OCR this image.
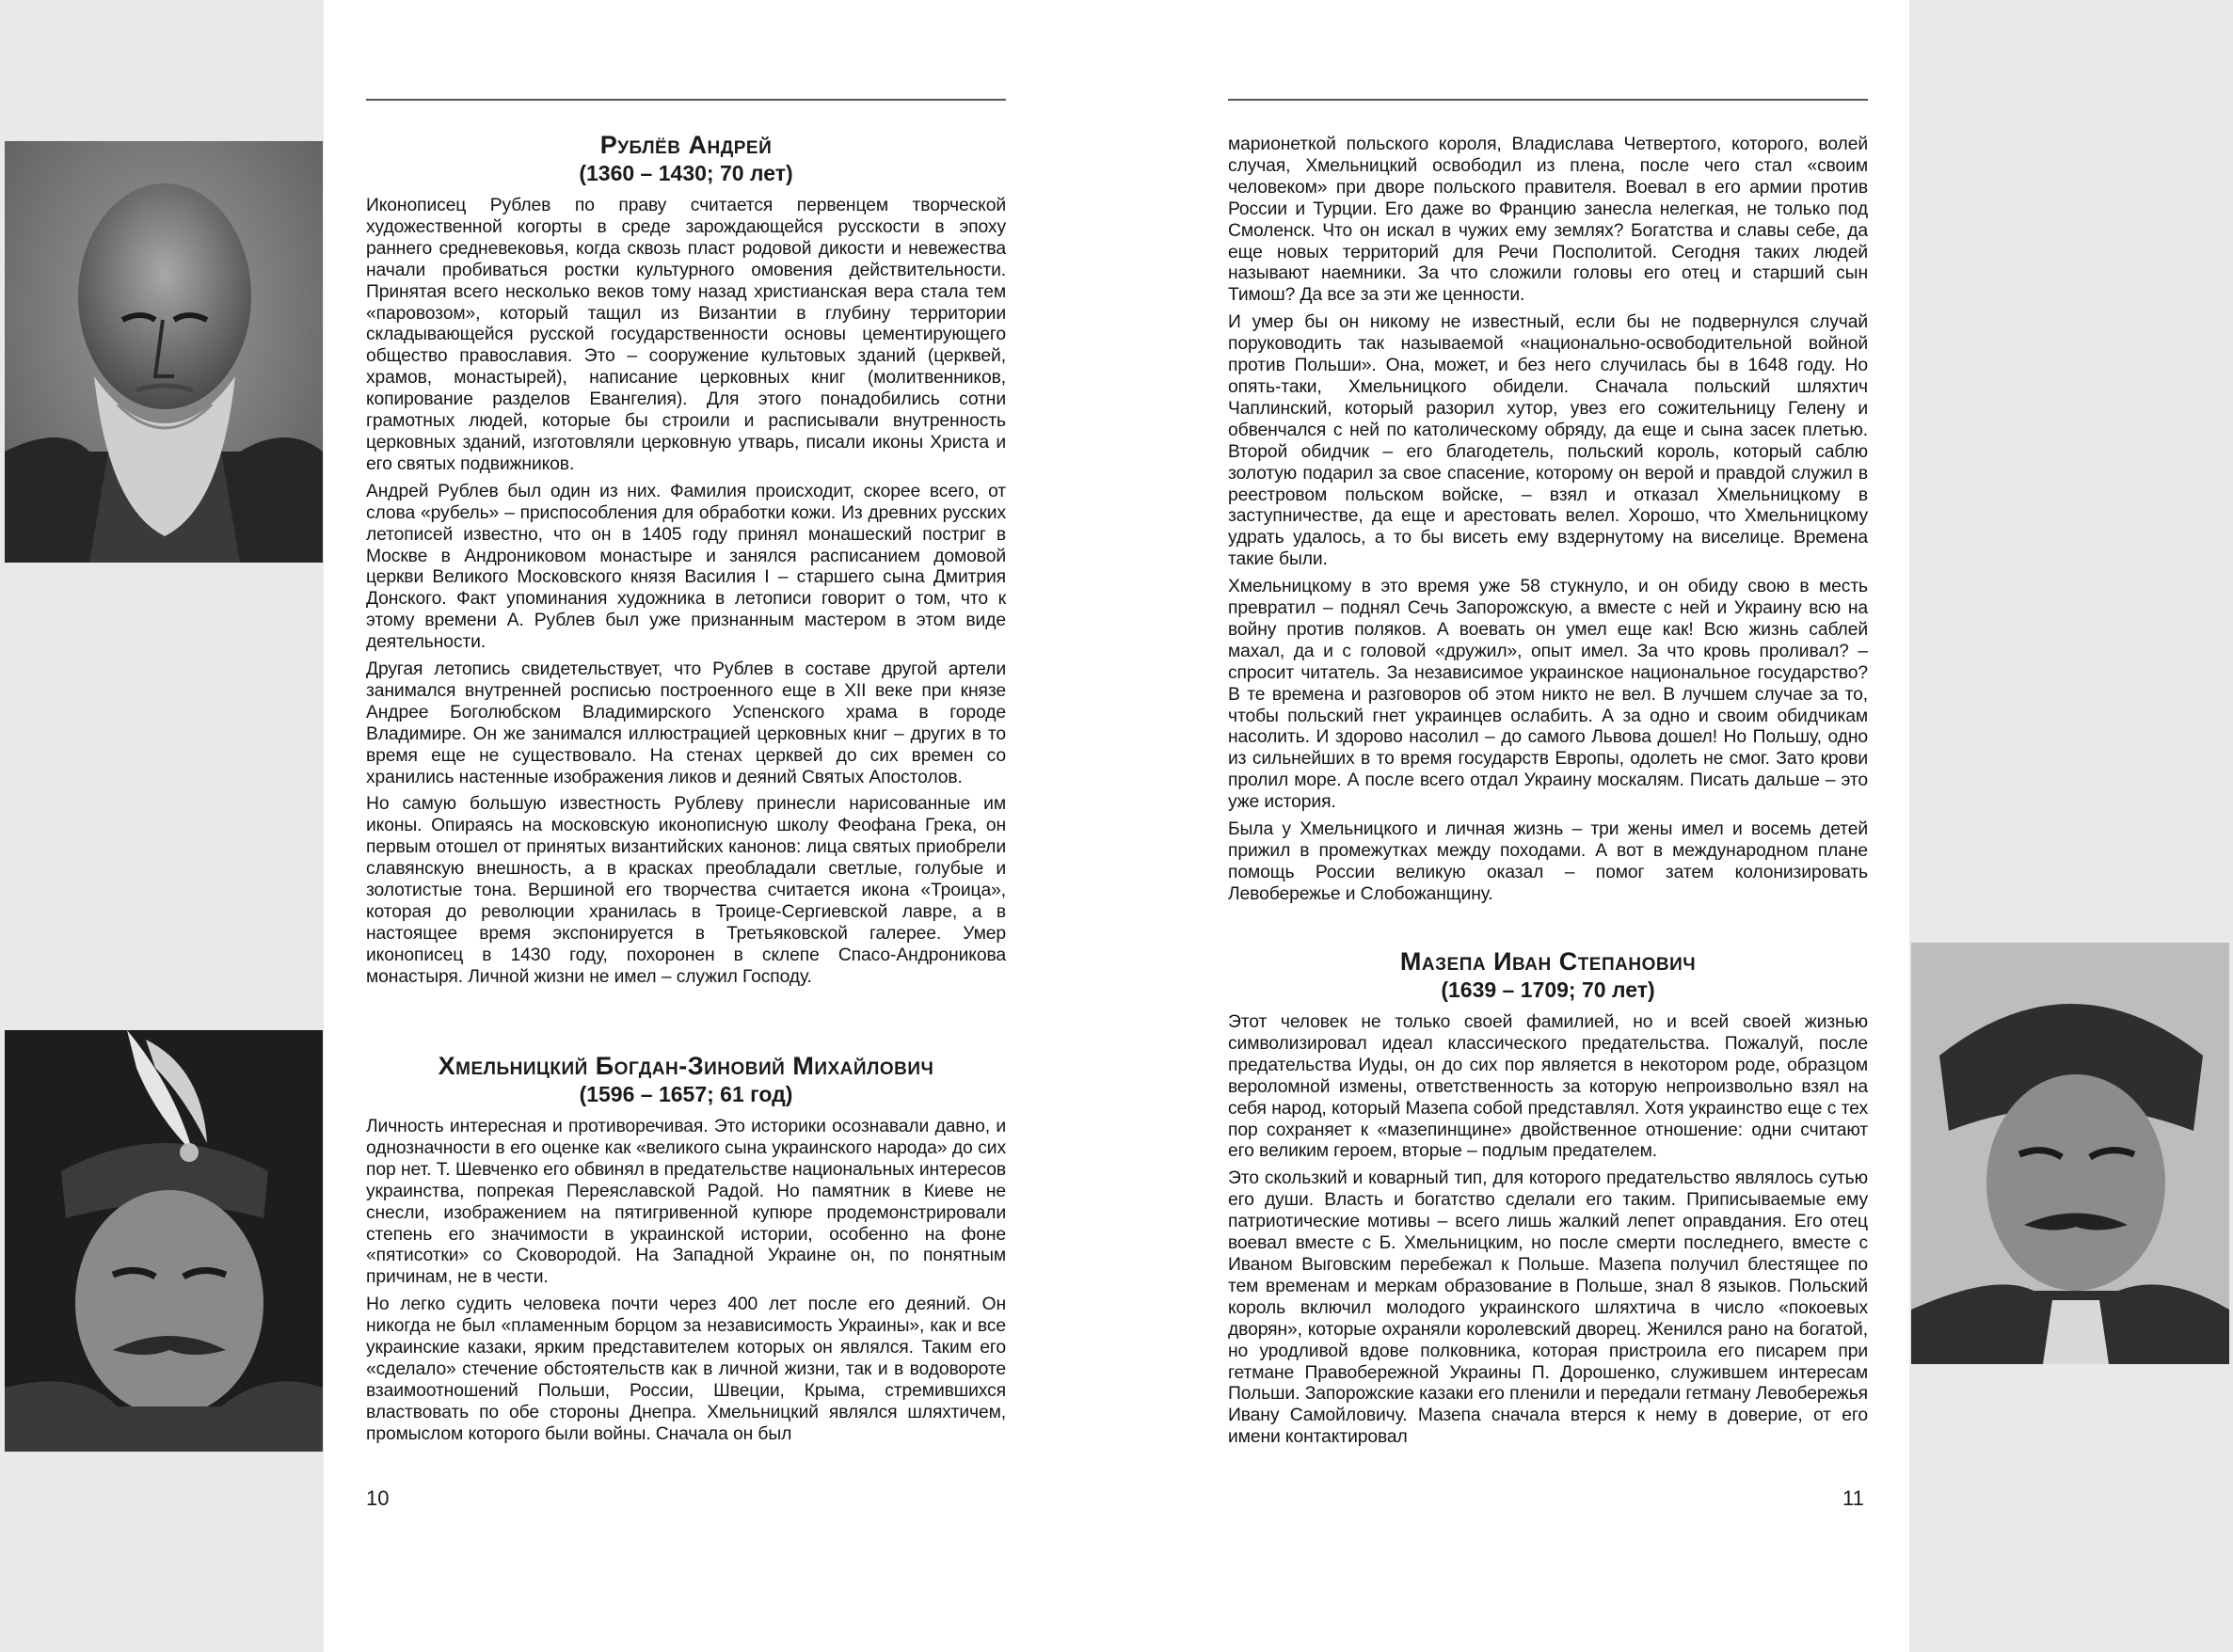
Рублёв Андрей
(1360 – 1430; 70 лет)

Иконописец Рублев по праву считается первенцем творческой художественной когорты в среде зарождающейся русскости в эпоху раннего средневековья, когда сквозь пласт родовой дикости и невежества начали пробиваться ростки культурного омовения действительности. Принятая всего несколько веков тому назад христианская вера стала тем «паровозом», который тащил из Византии в глубину территории складывающейся русской государственности основы цементирующего общество православия. Это – сооружение культовых зданий (церквей, храмов, монастырей), написание церковных книг (молитвенников, копирование разделов Евангелия). Для этого понадобились сотни грамотных людей, которые бы строили и расписывали внутренность церковных зданий, изготовляли церковную утварь, писали иконы Христа и его святых подвижников.

Андрей Рублев был один из них. Фамилия происходит, скорее всего, от слова «рубель» – приспособления для обработки кожи. Из древних русских летописей известно, что он в 1405 году принял монашеский постриг в Москве в Андрониковом монастыре и занялся расписанием домовой церкви Великого Московского князя Василия I – старшего сына Дмитрия Донского. Факт упоминания художника в летописи говорит о том, что к этому времени А. Рублев был уже признанным мастером в этом виде деятельности.

Другая летопись свидетельствует, что Рублев в составе другой артели занимался внутренней росписью построенного еще в XII веке при князе Андрее Боголюбском Владимирского Успенского храма в городе Владимире. Он же занимался иллюстрацией церковных книг – других в то время еще не существовало. На стенах церквей до сих времен со хранились настенные изображения ликов и деяний Святых Апостолов.

Но самую большую известность Рублеву принесли нарисованные им иконы. Опираясь на московскую иконописную школу Феофана Грека, он первым отошел от принятых византийских канонов: лица святых приобрели славянскую внешность, а в красках преобладали светлые, голубые и золотистые тона. Вершиной его творчества считается икона «Троица», которая до революции хранилась в Троице-Сергиевской лавре, а в настоящее время экспонируется в Третьяковской галерее. Умер иконописец в 1430 году, похоронен в склепе Спасо-Андроникова монастыря. Личной жизни не имел – служил Господу.

Хмельницкий Богдан-Зиновий Михайлович
(1596 – 1657; 61 год)

Личность интересная и противоречивая. Это историки осознавали давно, и однозначности в его оценке как «великого сына украинского народа» до сих пор нет. Т. Шевченко его обвинял в предательстве национальных интересов украинства, попрекая Переяславской Радой. Но памятник в Киеве не снесли, изображением на пятигривенной купюре продемонстрировали степень его значимости в украинской истории, особенно на фоне «пятисотки» со Сковородой. На Западной Украине он, по понятным причинам, не в чести.

Но легко судить человека почти через 400 лет после его деяний. Он никогда не был «пламенным борцом за независимость Украины», как и все украинские казаки, ярким представителем которых он являлся. Таким его «сделало» стечение обстоятельств как в личной жизни, так и в водовороте взаимоотношений Польши, России, Швеции, Крыма, стремившихся властвовать по обе стороны Днепра. Хмельницкий являлся шляхтичем, промыслом которого были войны. Сначала он был

марионеткой польского короля, Владислава Четвертого, которого, волей случая, Хмельницкий освободил из плена, после чего стал «своим человеком» при дворе польского правителя. Воевал в его армии против России и Турции. Его даже во Францию занесла нелегкая, не только под Смоленск. Что он искал в чужих ему землях? Богатства и славы себе, да еще новых территорий для Речи Посполитой. Сегодня таких людей называют наемники. За что сложили головы его отец и старший сын Тимош? Да все за эти же ценности.

И умер бы он никому не известный, если бы не подвернулся случай поруководить так называемой «национально-освободительной войной против Польши». Она, может, и без него случилась бы в 1648 году. Но опять-таки, Хмельницкого обидели. Сначала польский шляхтич Чаплинский, который разорил хутор, увез его сожительницу Гелену и обвенчался с ней по католическому обряду, да еще и сына засек плетью. Второй обидчик – его благодетель, польский король, который саблю золотую подарил за свое спасение, которому он верой и правдой служил в реестровом польском войске, – взял и отказал Хмельницкому в заступничестве, да еще и арестовать велел. Хорошо, что Хмельницкому удрать удалось, а то бы висеть ему вздернутому на виселице. Времена такие были.

Хмельницкому в это время уже 58 стукнуло, и он обиду свою в месть превратил – поднял Сечь Запорожскую, а вместе с ней и Украину всю на войну против поляков. А воевать он умел еще как! Всю жизнь саблей махал, да и с головой «дружил», опыт имел. За что кровь проливал? – спросит читатель. За независимое украинское национальное государство? В те времена и разговоров об этом никто не вел. В лучшем случае за то, чтобы польский гнет украинцев ослабить. А за одно и своим обидчикам насолить. И здорово насолил – до самого Львова дошел! Но Польшу, одно из сильнейших в то время государств Европы, одолеть не смог. Зато крови пролил море. А после всего отдал Украину москалям. Писать дальше – это уже история.

Была у Хмельницкого и личная жизнь – три жены имел и восемь детей прижил в промежутках между походами. А вот в международном плане помощь России великую оказал – помог затем колонизировать Левобережье и Слобожанщину.

Мазепа Иван Степанович
(1639 – 1709; 70 лет)

Этот человек не только своей фамилией, но и всей своей жизнью символизировал идеал классического предательства. Пожалуй, после предательства Иуды, он до сих пор является в некотором роде, образцом вероломной измены, ответственность за которую непроизвольно взял на себя народ, который Мазепа собой представлял. Хотя украинство еще с тех пор сохраняет к «мазепинщине» двойственное отношение: одни считают его великим героем, вторые – подлым предателем.

Это скользкий и коварный тип, для которого предательство являлось сутью его души. Власть и богатство сделали его таким. Приписываемые ему патриотические мотивы – всего лишь жалкий лепет оправдания. Его отец воевал вместе с Б. Хмельницким, но после смерти последнего, вместе с Иваном Выговским перебежал к Польше. Мазепа получил блестящее по тем временам и меркам образование в Польше, знал 8 языков. Польский король включил молодого украинского шляхтича в число «покоевых дворян», которые охраняли королевский дворец. Женился рано на богатой, но уродливой вдове полковника, которая пристроила его писарем при гетмане Правобережной Украины П. Дорошенко, служившем интересам Польши. Запорожские казаки его пленили и передали гетману Левобережья Ивану Самойловичу. Мазепа сначала втерся к нему в доверие, от его имени контактировал

10	11
